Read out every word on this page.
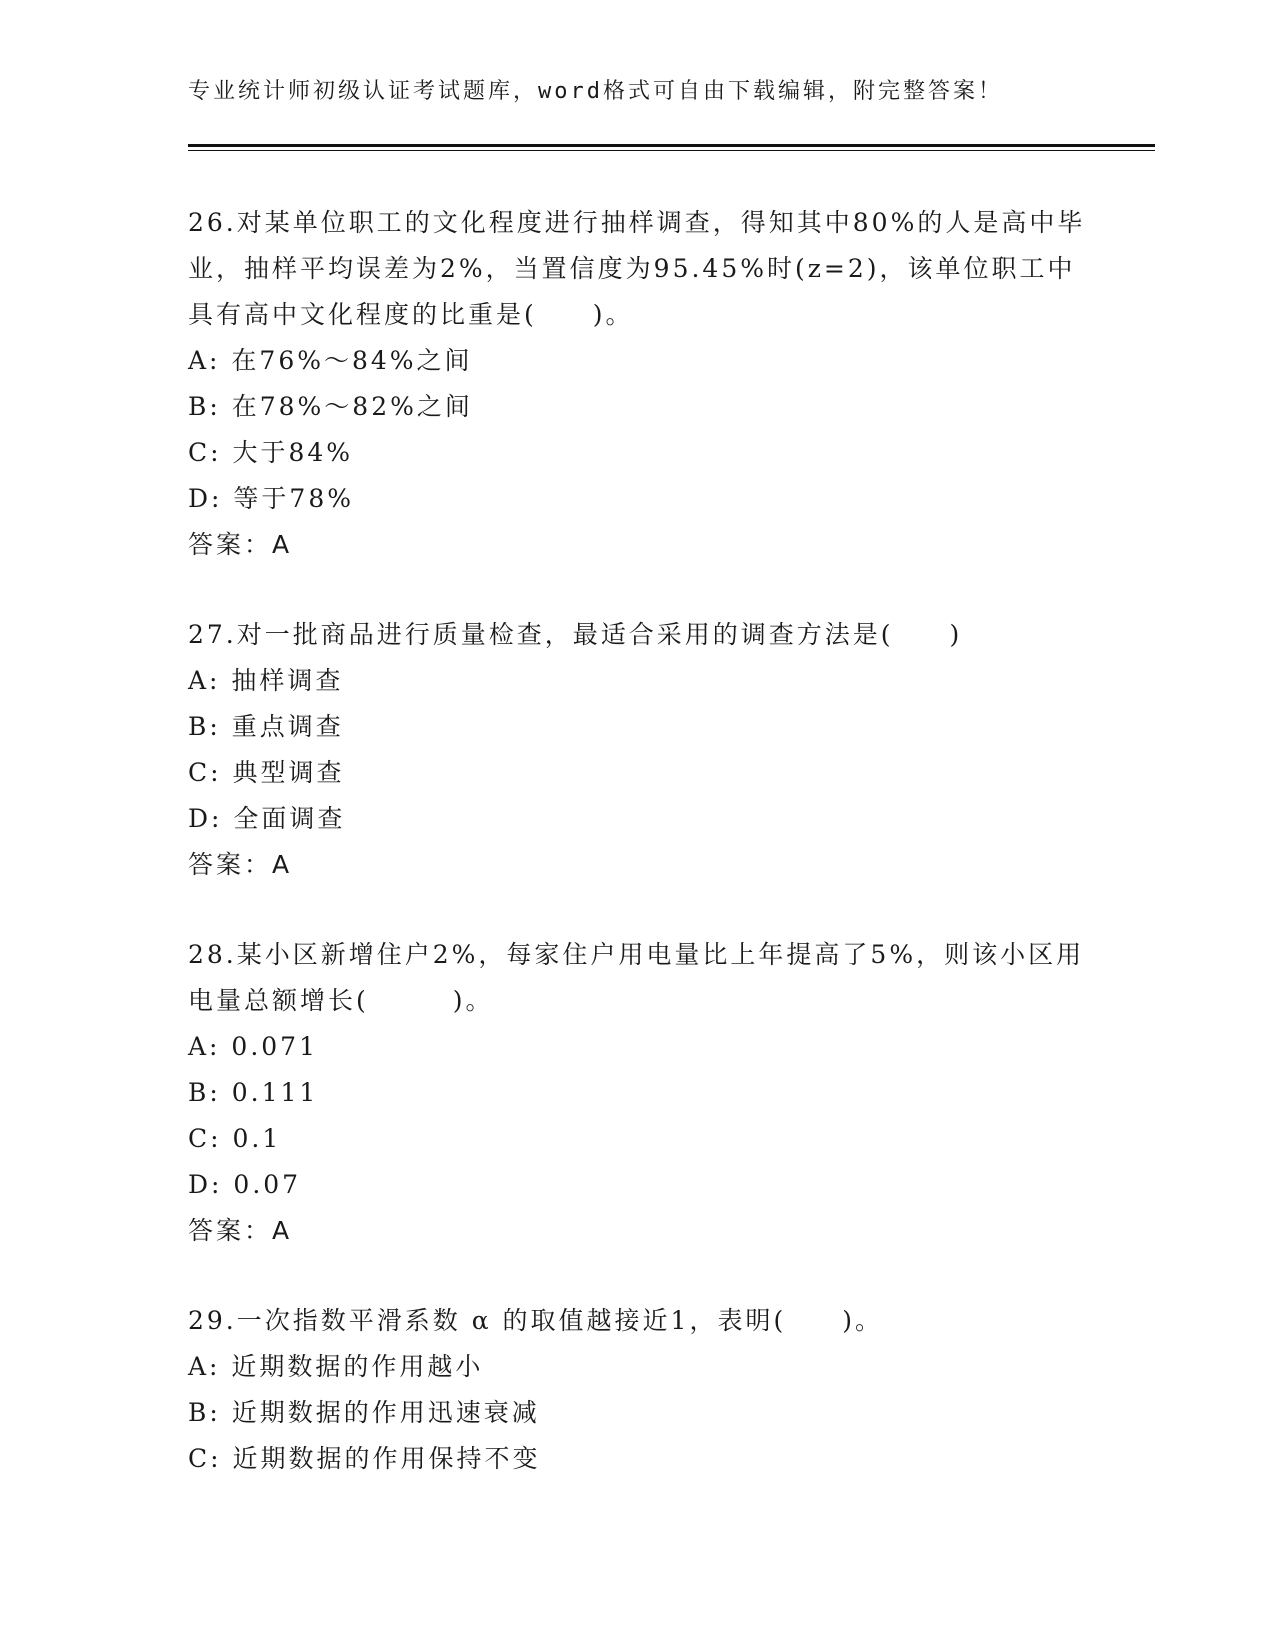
专业统计师初级认证考试题库，word格式可自由下载编辑，附完整答案！

26.对某单位职工的文化程度进行抽样调查，得知其中80%的人是高中毕业，抽样平均误差为2%，当置信度为95.45%时(z=2)，该单位职工中具有高中文化程度的比重是(　　)。

A: 在76%～84%之间

B: 在78%～82%之间

C: 大于84%

D: 等于78%

答案：A

27.对一批商品进行质量检查，最适合采用的调查方法是(　　)

A: 抽样调查

B: 重点调查

C: 典型调查

D: 全面调查

答案：A

28.某小区新增住户2%，每家住户用电量比上年提高了5%，则该小区用电量总额增长(　　　)。

A: 0.071

B: 0.111

C: 0.1

D: 0.07

答案：A

29.一次指数平滑系数 α 的取值越接近1，表明(　　)。

A: 近期数据的作用越小

B: 近期数据的作用迅速衰减

C: 近期数据的作用保持不变
